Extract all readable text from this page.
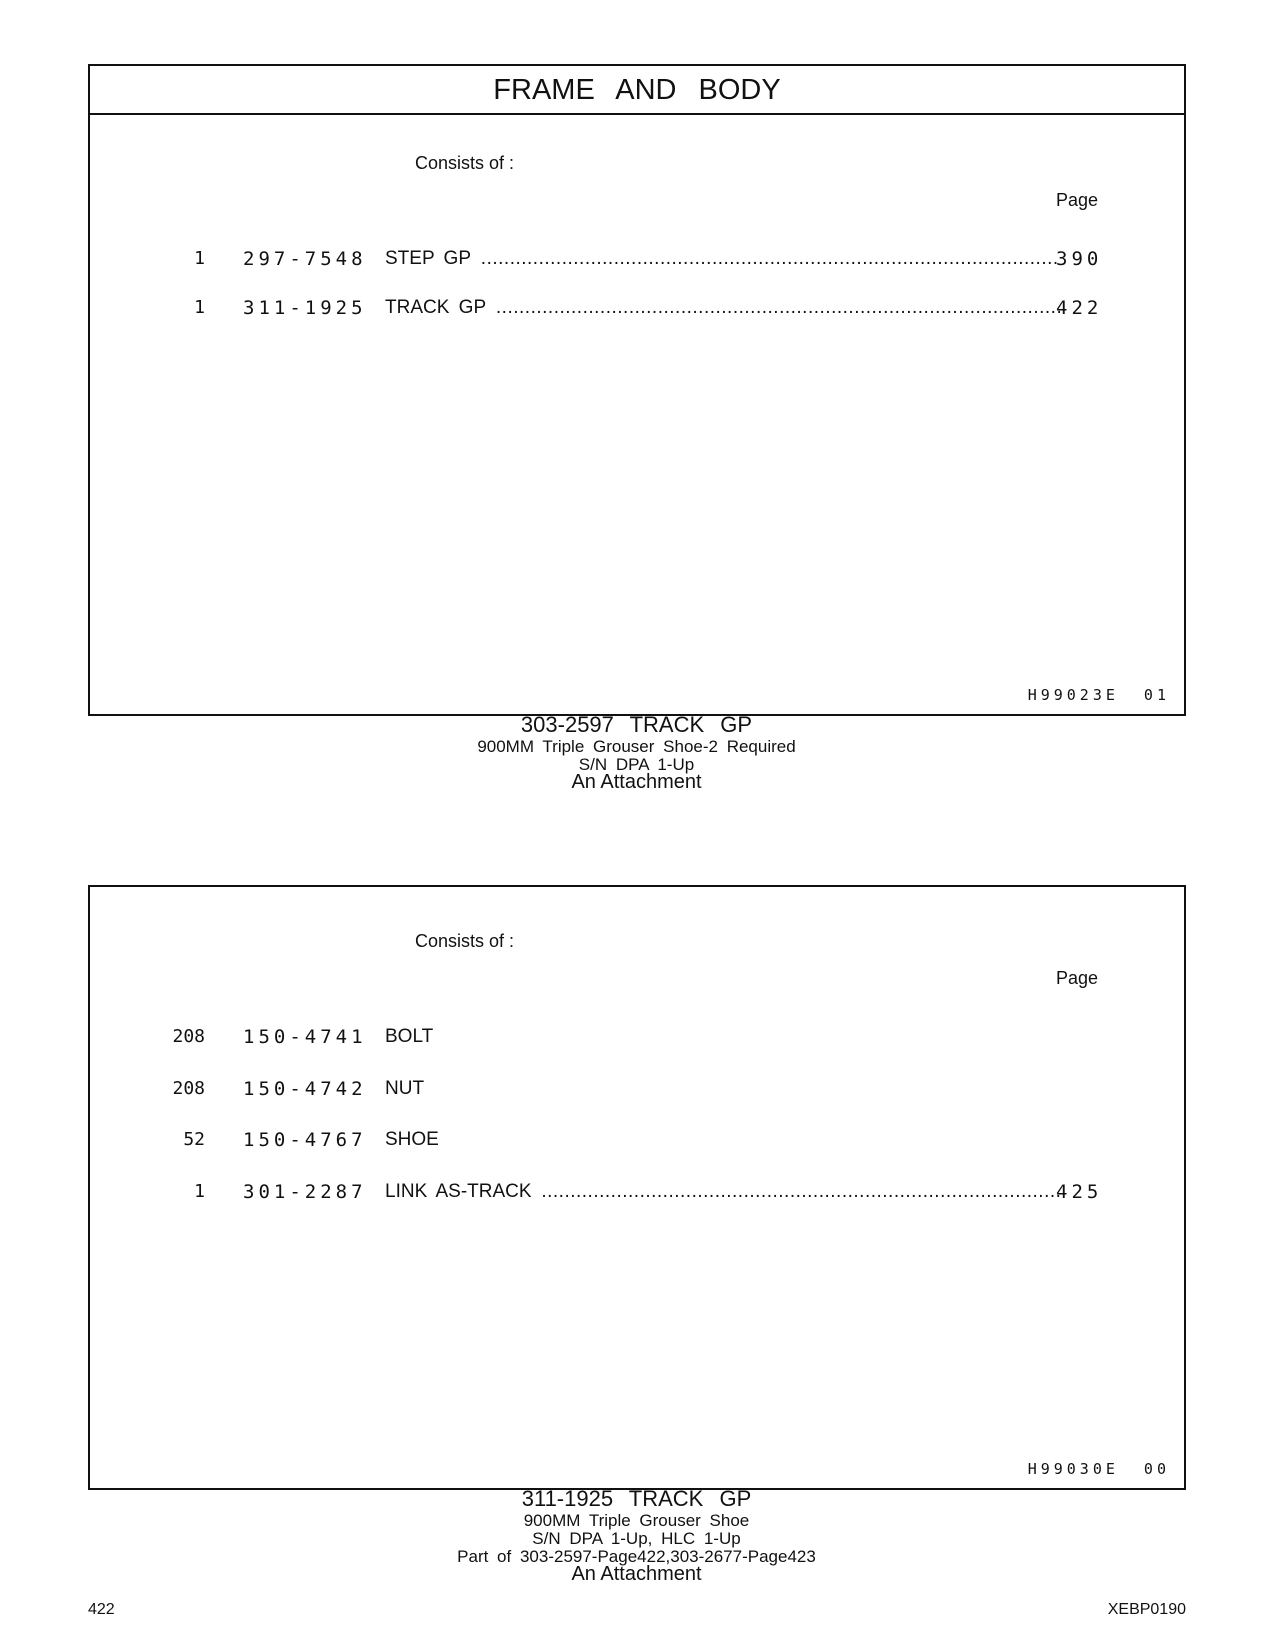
FRAME AND BODY
Consists of :
Page
1 297-7548 STEP GP .....	390
1 311-1925 TRACK GP .....	422
H99023E 01
303-2597 TRACK GP
900MM Triple Grouser Shoe-2 Required
S/N DPA 1-Up
An Attachment
Consists of :
Page
208 150-4741 BOLT
208 150-4742 NUT
52 150-4767 SHOE
1 301-2287 LINK AS-TRACK .....	425
H99030E 00
311-1925 TRACK GP
900MM Triple Grouser Shoe
S/N DPA 1-Up, HLC 1-Up
Part of 303-2597-Page422,303-2677-Page423
An Attachment
422	XEBP0190
